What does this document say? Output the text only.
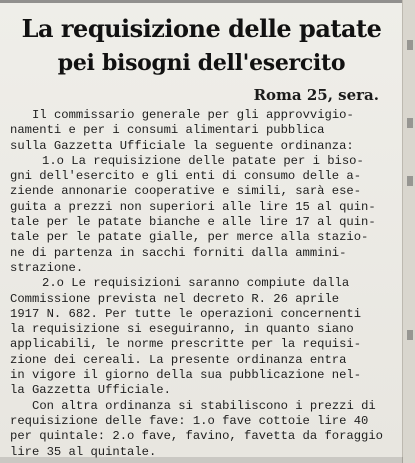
La requisizione delle patate
pei bisogni dell'esercito
Roma 25, sera.
Il commissario generale per gli approvvigio-
namenti e per i consumi alimentari pubblica
sulla Gazzetta Ufficiale la seguente ordinanza:
1.o La requisizione delle patate per i biso-
gni dell'esercito e gli enti di consumo delle a-
ziende annonarie cooperative e simili, sarà ese-
guita a prezzi non superiori alle lire 15 al quin-
tale per le patate bianche e alle lire 17 al quin-
tale per le patate gialle, per merce alla stazio-
ne di partenza in sacchi forniti dalla ammini-
strazione.
2.o Le requisizioni saranno compiute dalla
Commissione prevista nel decreto R. 26 aprile
1917 N. 682. Per tutte le operazioni concernenti
la requisizione si eseguiranno, in quanto siano
applicabili, le norme prescritte per la requisi-
zione dei cereali. La presente ordinanza entra
in vigore il giorno della sua pubblicazione nel-
la Gazzetta Ufficiale.
Con altra ordinanza si stabiliscono i prezzi di
requisizione delle fave: 1.o fave cottoie lire 40
per quintale: 2.o fave, favino, favetta da foraggio
lire 35 al quintale.
